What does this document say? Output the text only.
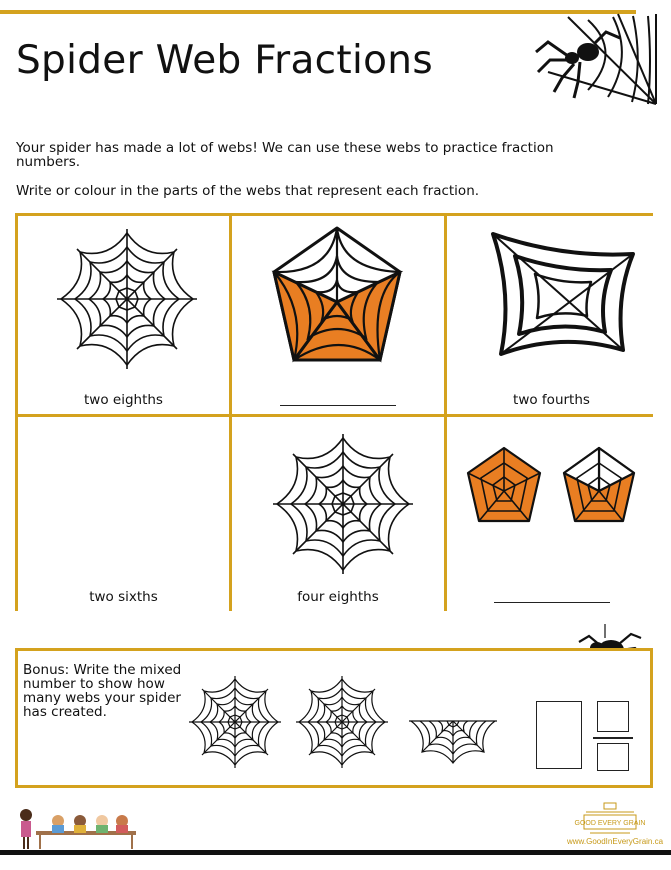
Spider Web Fractions
Your spider has made a lot of webs! We can use these webs to practice fraction numbers.
Write or colour in the parts of the webs that represent each fraction.
two eighths	two fourths
two sixths	four eighths
Bonus: Write the mixed number to show how many webs your spider has created.
GOOD EVERY GRAIN
www.GoodInEveryGrain.ca
